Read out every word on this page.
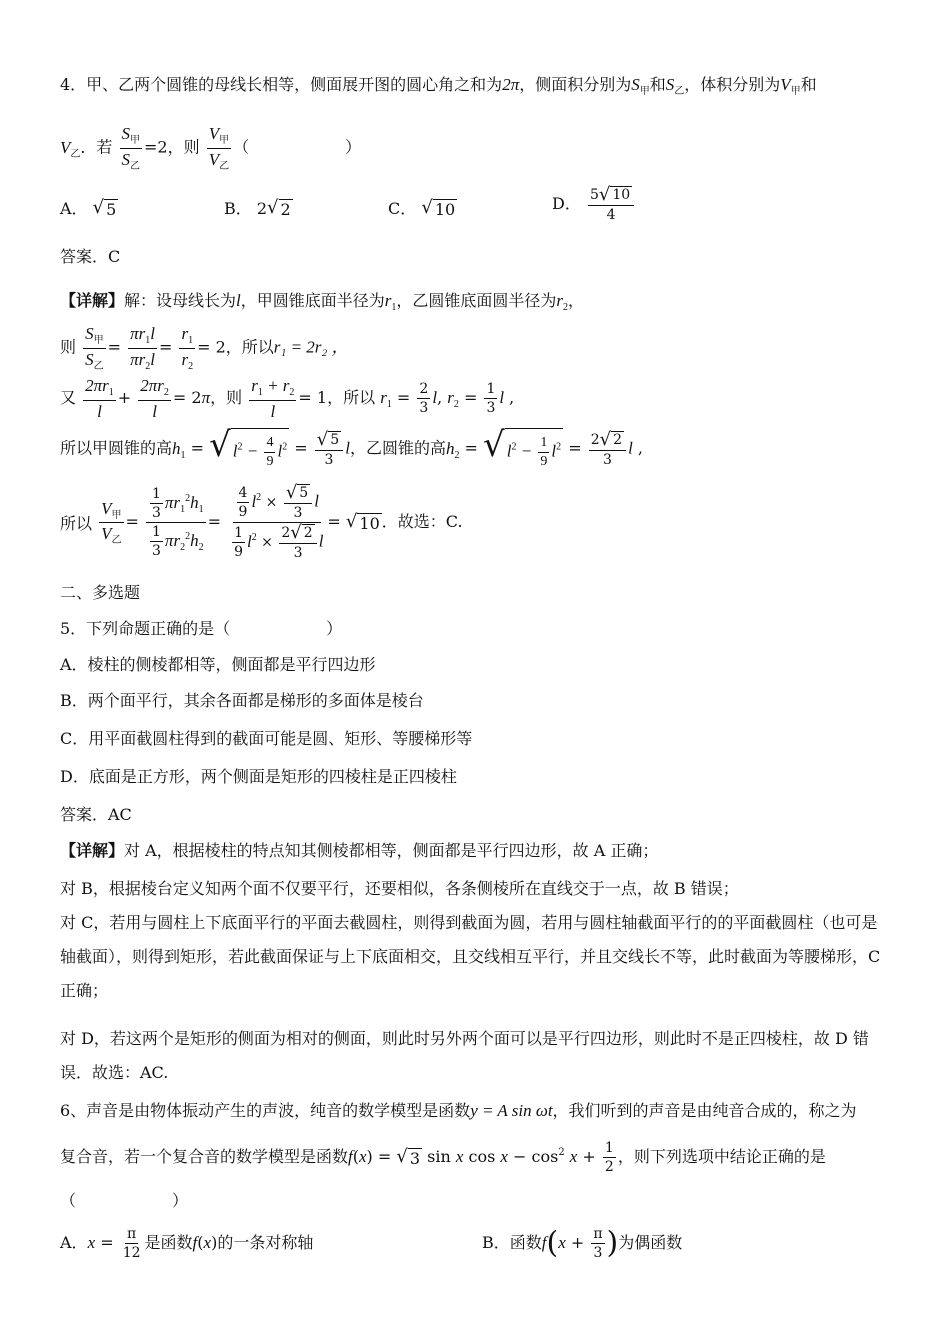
4．甲、乙两个圆锥的母线长相等，侧面展开图的圆心角之和为2π，侧面积分别为$S_甲$和$S_乙$，体积分别为$V_甲$和
$V_乙$．若 $\frac{S_甲}{S_乙} =2$，则 $\frac{V_甲}{V_乙}$ （　　　　　　）
A． √ 5	B． 2 √ 2	C． √ 10	D． $\frac{5 √ 10}{4}$
答案．C
【详解】解：设母线长为l，甲圆锥底面半径为$r_1$，乙圆锥底面圆半径为$r_2$，
则 $\frac{S_甲}{S_乙} = \frac{\pi r_1l}{\pi r_2l} = \frac{r_1}{r_2} = 2$，所以r₁ = 2r₂ ，
又 $\frac{2\pi r_1}{l} + \frac{2\pi r_2}{l} = 2\pi$，则 $\frac{r_1 + r_2}{l} = 1$，所以 $r_1 = \frac{2}{3} l$, $r_2 = \frac{1}{3}$ l ,
所以甲圆锥的高$h_1$ = √ $l^2 - \frac{4}{9} l^2 = \frac{√ 5}{3}$ l，乙圆锥的高$h_2$ = √ $l^2 - \frac{1}{9} l^2 = \frac{2 √ 2}{3}$ l ,
所以 $\frac{V_甲}{V_乙} = \frac{\frac{1}{3} \pi r_1^2h_1}{\frac{1}{3} \pi r_2^2h_2} = \frac{\frac{4}{9} l^2 \times \frac{√ 5}{3} l}{\frac{1}{9} l^2 \times \frac{2 √ 2}{3} l}$ = √ 10 ．故选：C.
二、多选题
5．下列命题正确的是（　　　　　　）
A．棱柱的侧棱都相等，侧面都是平行四边形
B．两个面平行，其余各面都是梯形的多面体是棱台
C．用平面截圆柱得到的截面可能是圆、矩形、等腰梯形等
D．底面是正方形，两个侧面是矩形的四棱柱是正四棱柱
答案．AC
【详解】对 A，根据棱柱的特点知其侧棱都相等，侧面都是平行四边形，故 A 正确；
对 B，根据棱台定义知两个面不仅要平行，还要相似，各条侧棱所在直线交于一点，故 B 错误；
对 C，若用与圆柱上下底面平行的平面去截圆柱，则得到截面为圆，若用与圆柱轴截面平行的的平面截圆柱（也可是轴截面），则得到矩形，若此截面保证与上下底面相交，且交线相互平行，并且交线长不等，此时截面为等腰梯形，C 正确；
对 D，若这两个是矩形的侧面为相对的侧面，则此时另外两个面可以是平行四边形，则此时不是正四棱柱，故 D 错误．故选：AC.
6、声音是由物体振动产生的声波，纯音的数学模型是函数y = A sin ωt，我们听到的声音是由纯音合成的，称之为
复合音，若一个复合音的数学模型是函数f(x) = √ 3 sin x $\cos x - \cos^2 x + \frac{1}{2}$ ，则下列选项中结论正确的是
（　　　　　　）
A．$x = \frac{\pi}{12}$ 是函数f(x)的一条对称轴	B．函数$f(x + \frac{\pi}{3}$ )为偶函数
